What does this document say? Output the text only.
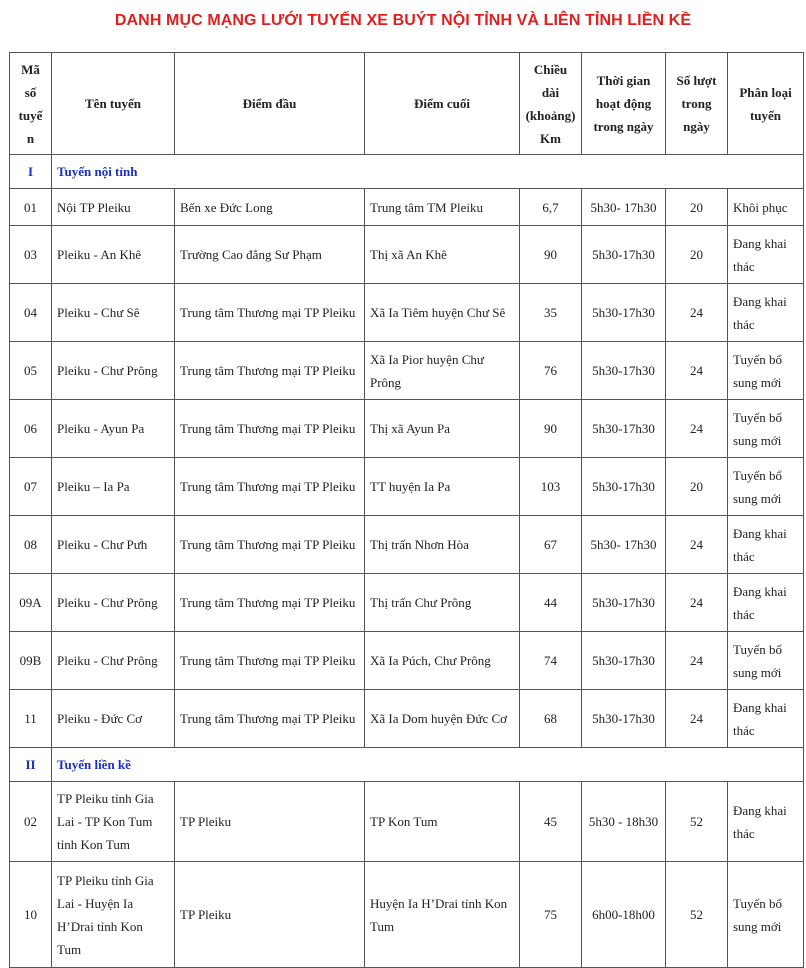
DANH MỤC MẠNG LƯỚI TUYẾN XE BUÝT NỘI TỈNH VÀ LIÊN TỈNH LIỀN KỀ
Mã
số
tuyến	Tên tuyến	Điểm đầu	Điểm cuối	Chiều
dài
(khoảng)
Km	Thời gian
hoạt động
trong ngày	Số lượt
trong
ngày	Phân loại
tuyến
I	Tuyến nội tỉnh						
01	Nội TP Pleiku	Bến xe Đức Long	Trung tâm TM Pleiku	6,7	5h30- 17h30	20	Khôi phục
03	Pleiku - An Khê	Trường Cao đẳng Sư Phạm	Thị xã An Khê	90	5h30-17h30	20	Đang khai
thác
04	Pleiku - Chư Sê	Trung tâm Thương mại TP Pleiku	Xã Ia Tiêm huyện Chư Sê	35	5h30-17h30	24	Đang khai
thác
05	Pleiku - Chư Prông	Trung tâm Thương mại TP Pleiku	Xã Ia Pior huyện Chư
Prông	76	5h30-17h30	24	Tuyến bổ
sung mới
06	Pleiku - Ayun Pa	Trung tâm Thương mại TP Pleiku	Thị xã Ayun Pa	90	5h30-17h30	24	Tuyến bổ
sung mới
07	Pleiku – Ia Pa	Trung tâm Thương mại TP Pleiku	TT huyện Ia Pa	103	5h30-17h30	20	Tuyến bổ
sung mới
08	Pleiku - Chư Pưh	Trung tâm Thương mại TP Pleiku	Thị trấn Nhơn Hòa	67	5h30- 17h30	24	Đang khai
thác
09A	Pleiku - Chư Prông	Trung tâm Thương mại TP Pleiku	Thị trấn Chư Prông	44	5h30-17h30	24	Đang khai
thác
09B	Pleiku - Chư Prông	Trung tâm Thương mại TP Pleiku	Xã Ia Púch, Chư Prông	74	5h30-17h30	24	Tuyến bổ
sung mới
11	Pleiku - Đức Cơ	Trung tâm Thương mại TP Pleiku	Xã Ia Dom huyện Đức Cơ	68	5h30-17h30	24	Đang khai
thác
II	Tuyến liền kề						
02	TP Pleiku tỉnh Gia
Lai - TP Kon Tum
tỉnh Kon Tum	TP Pleiku	TP Kon Tum	45	5h30 - 18h30	52	Đang khai
thác
10	TP Pleiku tỉnh Gia
Lai - Huyện Ia
H’Drai tỉnh Kon
Tum	TP Pleiku	Huyện Ia H’Drai tỉnh Kon
Tum	75	6h00-18h00	52	Tuyến bổ
sung mới
